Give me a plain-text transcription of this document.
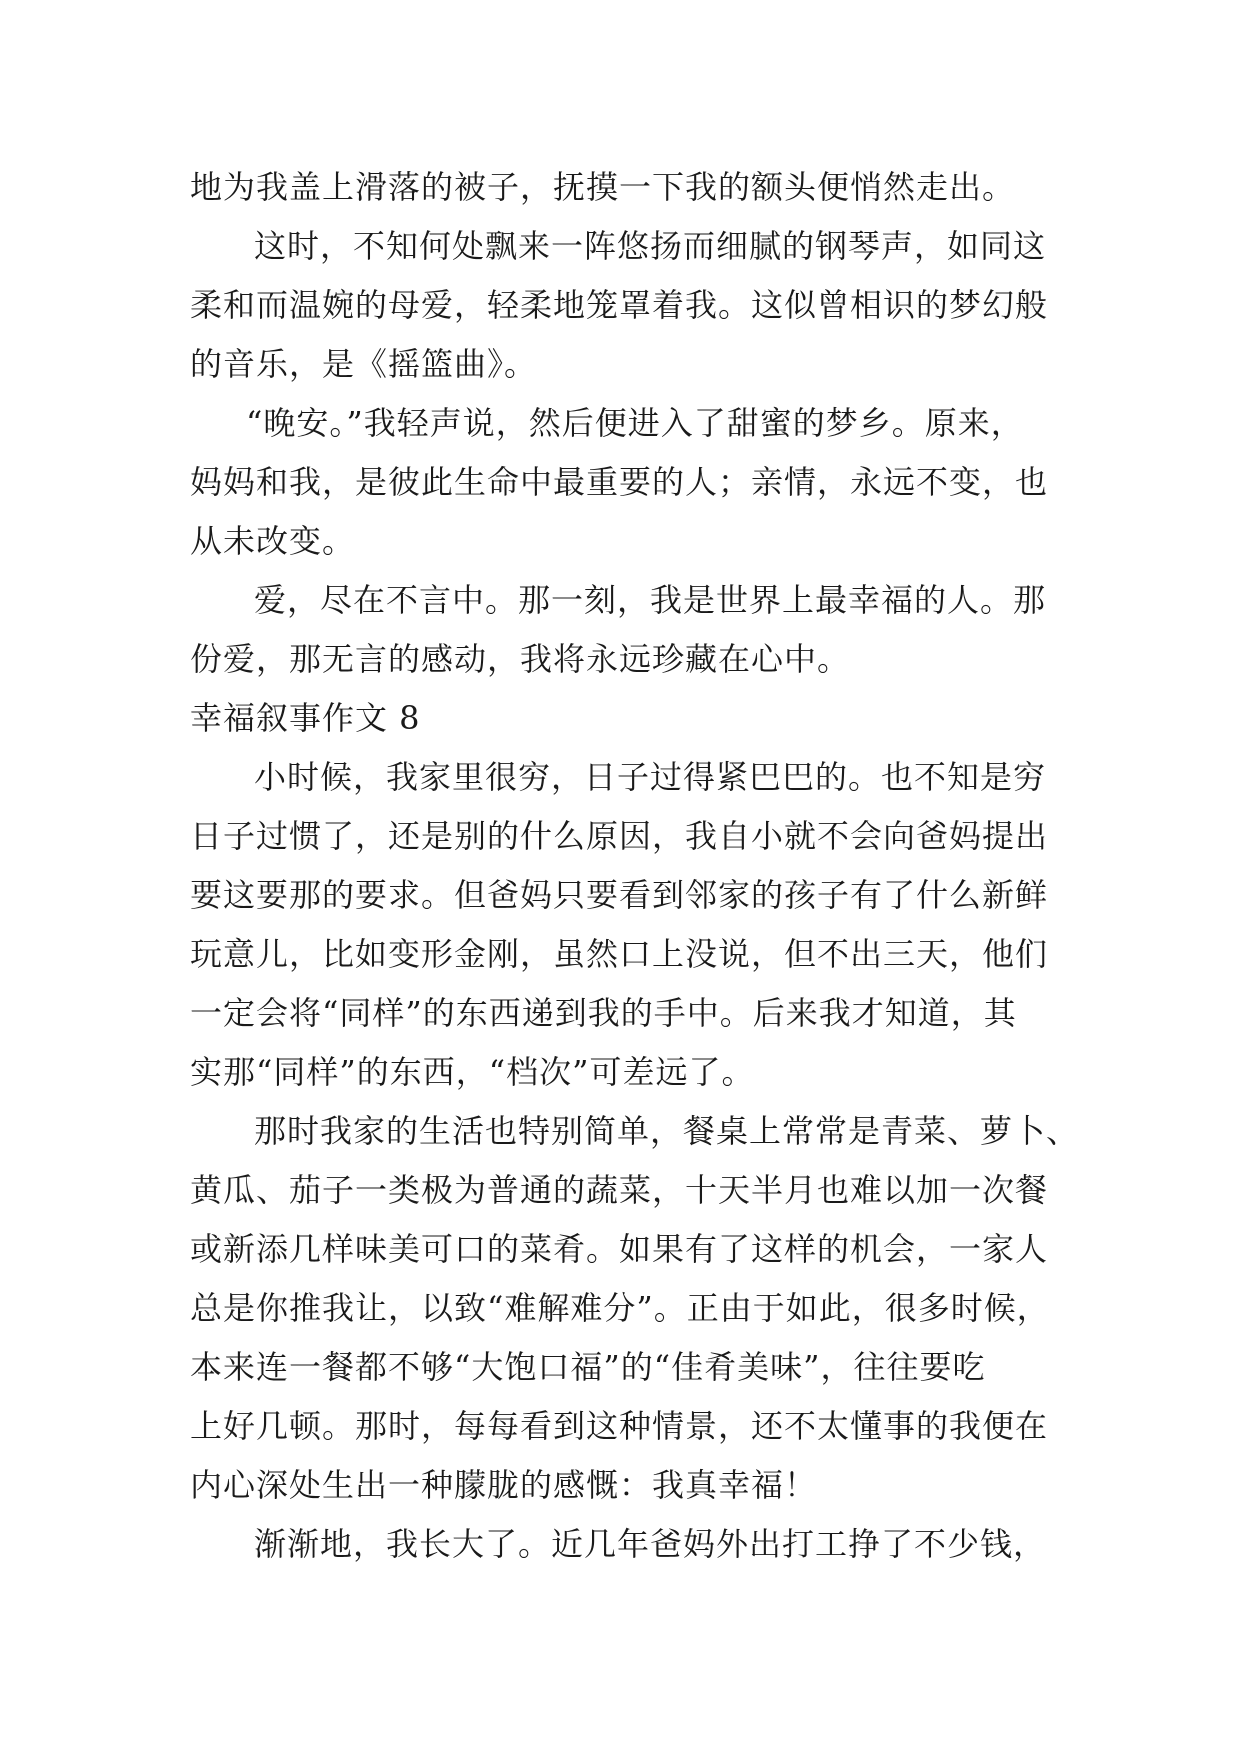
地为我盖上滑落的被子，抚摸一下我的额头便悄然走出。
这时，不知何处飘来一阵悠扬而细腻的钢琴声，如同这
柔和而温婉的母爱，轻柔地笼罩着我。这似曾相识的梦幻般
的音乐，是《摇篮曲》。
“晚安。”我轻声说，然后便进入了甜蜜的梦乡。原来，
妈妈和我，是彼此生命中最重要的人；亲情，永远不变，也
从未改变。
爱，尽在不言中。那一刻，我是世界上最幸福的人。那
份爱，那无言的感动，我将永远珍藏在心中。
幸福叙事作文 8
小时候，我家里很穷，日子过得紧巴巴的。也不知是穷
日子过惯了，还是别的什么原因，我自小就不会向爸妈提出
要这要那的要求。但爸妈只要看到邻家的孩子有了什么新鲜
玩意儿，比如变形金刚，虽然口上没说，但不出三天，他们
一定会将“同样”的东西递到我的手中。后来我才知道，其
实那“同样”的东西，“档次”可差远了。
那时我家的生活也特别简单，餐桌上常常是青菜、萝卜、
黄瓜、茄子一类极为普通的蔬菜，十天半月也难以加一次餐
或新添几样味美可口的菜肴。如果有了这样的机会，一家人
总是你推我让，以致“难解难分”。正由于如此，很多时候，
本来连一餐都不够“大饱口福”的“佳肴美味”，往往要吃
上好几顿。那时，每每看到这种情景，还不太懂事的我便在
内心深处生出一种朦胧的感慨：我真幸福！
渐渐地，我长大了。近几年爸妈外出打工挣了不少钱，
